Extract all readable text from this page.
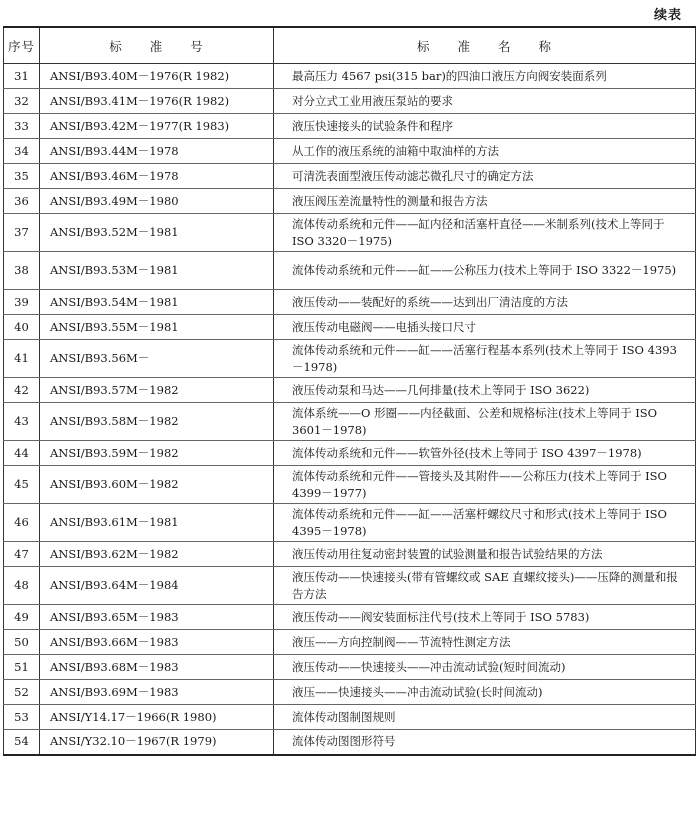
续表
序号	标　　准　　号	标　　准　　名　　称
31	ANSI/B93.40M－1976(R 1982)	最高压力 4567 psi(315 bar)的四油口液压方向阀安装面系列
32	ANSI/B93.41M－1976(R 1982)	对分立式工业用液压泵站的要求
33	ANSI/B93.42M－1977(R 1983)	液压快速接头的试验条件和程序
34	ANSI/B93.44M－1978	从工作的液压系统的油箱中取油样的方法
35	ANSI/B93.46M－1978	可清洗表面型液压传动滤芯微孔尺寸的确定方法
36	ANSI/B93.49M－1980	液压阀压差流量特性的测量和报告方法
37	ANSI/B93.52M－1981	流体传动系统和元件——缸内径和活塞杆直径——米制系列(技术上等同于 ISO 3320－1975)
38	ANSI/B93.53M－1981	流体传动系统和元件——缸——公称压力(技术上等同于 ISO 3322－1975)
39	ANSI/B93.54M－1981	液压传动——装配好的系统——达到出厂清洁度的方法
40	ANSI/B93.55M－1981	液压传动电磁阀——电插头接口尺寸
41	ANSI/B93.56M－	流体传动系统和元件——缸——活塞行程基本系列(技术上等同于 ISO 4393－1978)
42	ANSI/B93.57M－1982	液压传动泵和马达——几何排量(技术上等同于 ISO 3622)
43	ANSI/B93.58M－1982	流体系统——O 形圈——内径截面、公差和规格标注(技术上等同于 ISO 3601－1978)
44	ANSI/B93.59M－1982	流体传动系统和元件——软管外径(技术上等同于 ISO 4397－1978)
45	ANSI/B93.60M－1982	流体传动系统和元件——管接头及其附件——公称压力(技术上等同于 ISO 4399－1977)
46	ANSI/B93.61M－1981	流体传动系统和元件——缸——活塞杆螺纹尺寸和形式(技术上等同于 ISO 4395－1978)
47	ANSI/B93.62M－1982	液压传动用往复动密封装置的试验测量和报告试验结果的方法
48	ANSI/B93.64M－1984	液压传动——快速接头(带有管螺纹或 SAE 直螺纹接头)——压降的测量和报告方法
49	ANSI/B93.65M－1983	液压传动——阀安装面标注代号(技术上等同于 ISO 5783)
50	ANSI/B93.66M－1983	液压——方向控制阀——节流特性测定方法
51	ANSI/B93.68M－1983	液压传动——快速接头——冲击流动试验(短时间流动)
52	ANSI/B93.69M－1983	液压——快速接头——冲击流动试验(长时间流动)
53	ANSI/Y14.17－1966(R 1980)	流体传动图制图规则
54	ANSI/Y32.10－1967(R 1979)	流体传动图图形符号
